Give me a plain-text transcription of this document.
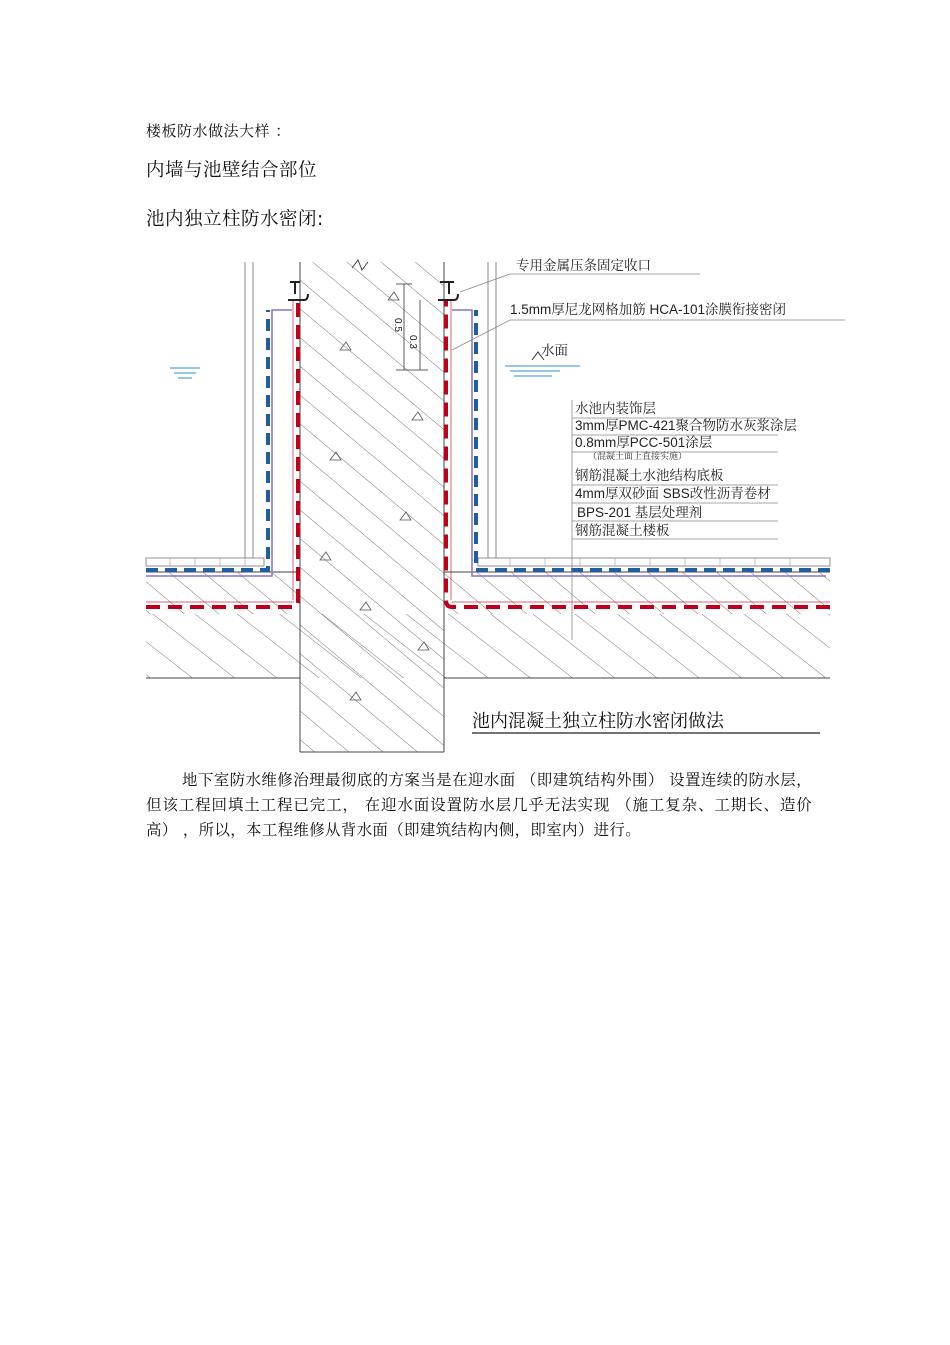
楼板防水做法大样 ：
内墙与池壁结合部位
池内独立柱防水密闭:
0.5
0.3
专用金属压条固定收口
1.5mm厚尼龙网格加筋 HCA-101涂膜衔接密闭
水面
水池内装饰层
3mm厚PMC-421聚合物防水灰浆涂层
0.8mm厚PCC-501涂层
（混凝土面上直接实施）
钢筋混凝土水池结构底板
4mm厚双砂面 SBS改性沥青卷材
BPS-201 基层处理剂
钢筋混凝土楼板
池内混凝土独立柱防水密闭做法

地下室防水维修治理最彻底的方案当是在迎水面 （即建筑结构外围） 设置连续的防水层，但该工程回填土工程已完工， 在迎水面设置防水层几乎无法实现 （施工复杂、工期长、造价高） ，所以，本工程维修从背水面（即建筑结构内侧，即室内）进行。
